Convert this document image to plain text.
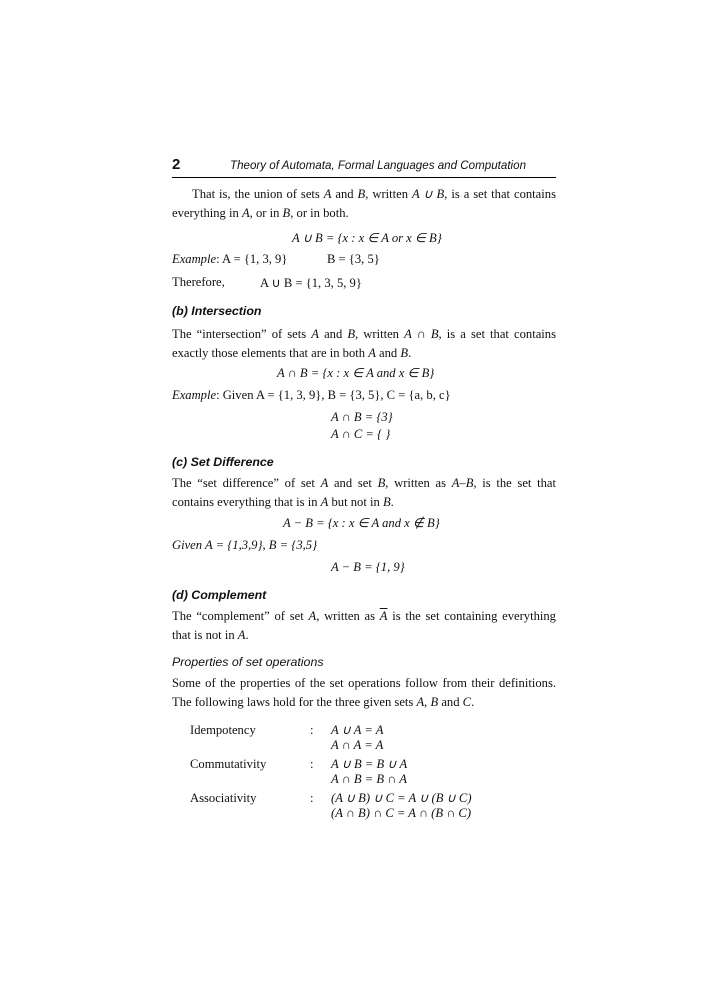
2	Theory of Automata, Formal Languages and Computation
That is, the union of sets A and B, written A ∪ B, is a set that contains everything in A, or in B, or in both.
A ∪ B = {x : x ∈ A or x ∈ B}
Example: A = {1, 3, 9}	B = {3, 5}
Therefore,	A ∪ B = {1, 3, 5, 9}
(b) Intersection
The “intersection” of sets A and B, written A ∩ B, is a set that contains exactly those elements that are in both A and B.
A ∩ B = {x : x ∈ A and x ∈ B}
Example: Given A = {1, 3, 9}, B = {3, 5}, C = {a, b, c}
A ∩ B = {3}
A ∩ C = { }
(c) Set Difference
The “set difference” of set A and set B, written as A–B, is the set that contains everything that is in A but not in B.
A − B = {x : x ∈ A and x ∉ B}
Given A = {1,3,9}, B = {3,5}
A − B = {1, 9}
(d) Complement
The “complement” of set A, written as $\overline{A}$ is the set containing everything that is not in A.
Properties of set operations
Some of the properties of the set operations follow from their definitions. The following laws hold for the three given sets A, B and C.
Idempotency	: A ∪ A = A
A ∩ A = A
Commutativity	: A ∪ B = B ∪ A
A ∩ B = B ∩ A
Associativity	: (A ∪ B) ∪ C = A ∪ (B ∪ C)
(A ∩ B) ∩ C = A ∩ (B ∩ C)
